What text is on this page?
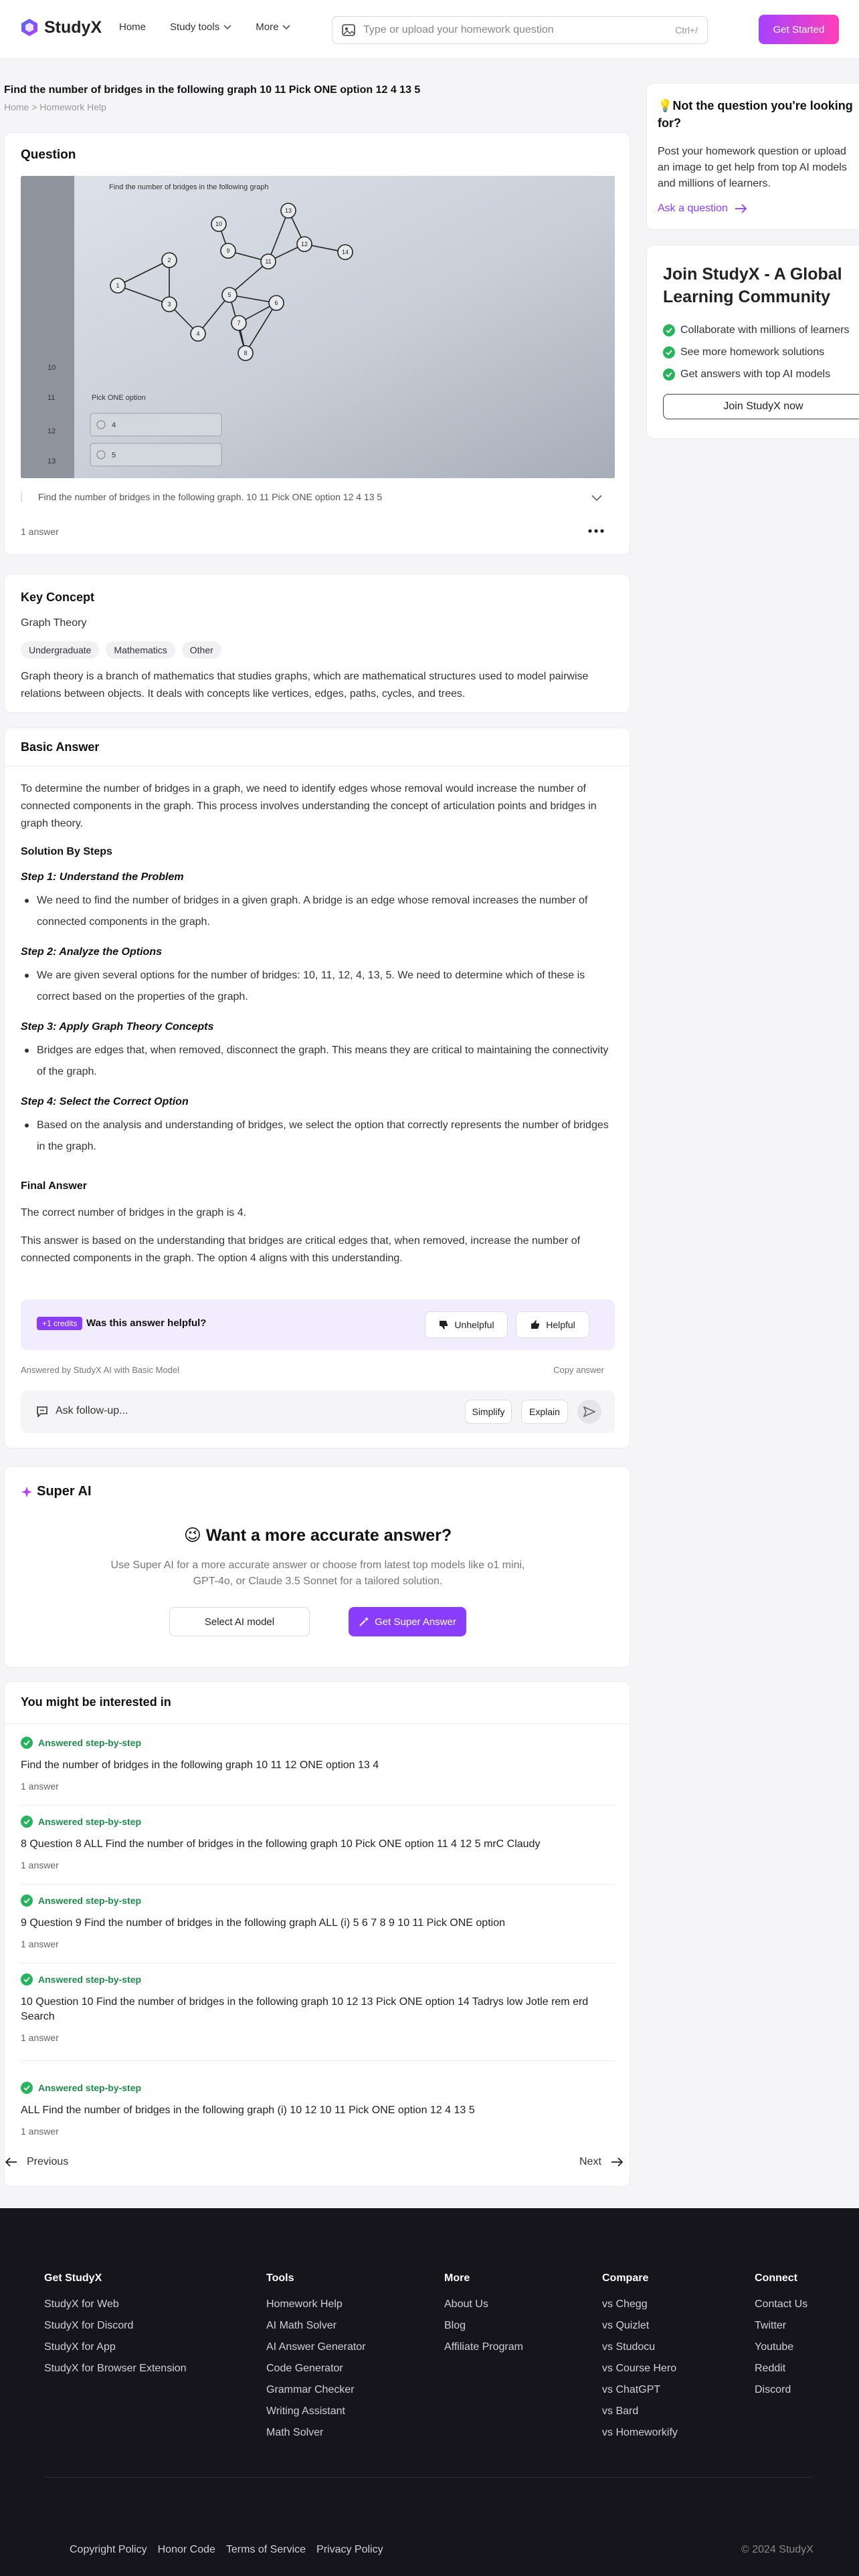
StudyX Home Study tools	More	Type or upload your homework question	Ctrl+/	Get Started
Find the number of bridges in the following graph 10 11 Pick ONE option 12 4 13 5
Home > Homework Help
Question
Find the number of bridges in the following graph
10
11
12
13
Pick ONE option
1
2
3
4
5
6
7
8
9
10
11
12
13
14
4
5
Find the number of bridges in the following graph. 10 11 Pick ONE option 12 4 13 5
1 answer
Key Concept
Graph Theory
Undergraduate	Mathematics	Other

Graph theory is a branch of mathematics that studies graphs, which are mathematical structures used to model pairwise relations between objects. It deals with concepts like vertices, edges, paths, cycles, and trees.

Basic Answer

To determine the number of bridges in a graph, we need to identify edges whose removal would increase the number of connected components in the graph. This process involves understanding the concept of articulation points and bridges in graph theory.

Solution By Steps
Step 1: Understand the Problem
We need to find the number of bridges in a given graph. A bridge is an edge whose removal increases the number of connected components in the graph.
Step 2: Analyze the Options
We are given several options for the number of bridges: 10, 11, 12, 4, 13, 5. We need to determine which of these is correct based on the properties of the graph.
Step 3: Apply Graph Theory Concepts
Bridges are edges that, when removed, disconnect the graph. This means they are critical to maintaining the connectivity of the graph.
Step 4: Select the Correct Option
Based on the analysis and understanding of bridges, we select the option that correctly represents the number of bridges in the graph.
Final Answer

The correct number of bridges in the graph is 4.

This answer is based on the understanding that bridges are critical edges that, when removed, increase the number of connected components in the graph. The option 4 aligns with this understanding.

+1 credits Was this answer helpful?	Unhelpful	Helpful
Answered by StudyX AI with Basic Model	Copy answer
Ask follow-up...	Simplify	Explain
Super AI
😉 Want a more accurate answer?

Use Super AI for a more accurate answer or choose from latest top models like o1 mini, GPT-4o, or Claude 3.5 Sonnet for a tailored solution.

Select AI model	Get Super Answer
You might be interested in
Answered step-by-step
Find the number of bridges in the following graph 10 11 12 ONE option 13 4
1 answer
Answered step-by-step
8 Question 8 ALL Find the number of bridges in the following graph 10 Pick ONE option 11 4 12 5 mrC Claudy
1 answer
Answered step-by-step
9 Question 9 Find the number of bridges in the following graph ALL (i) 5 6 7 8 9 10 11 Pick ONE option
1 answer
Answered step-by-step
10 Question 10 Find the number of bridges in the following graph 10 12 13 Pick ONE option 14 Tadrys low Jotle rem erd Search
1 answer
Answered step-by-step
ALL Find the number of bridges in the following graph (i) 10 12 10 11 Pick ONE option 12 4 13 5
1 answer
Previous	Next
💡Not the question you're looking for?

Post your homework question or upload an image to get help from top AI models and millions of learners.

Ask a question
Join StudyX - A Global Learning Community
Collaborate with millions of learners
See more homework solutions
Get answers with top AI models
Join StudyX now
Get StudyX
StudyX for Web
StudyX for Discord
StudyX for App
StudyX for Browser Extension
Tools
Homework Help
AI Math Solver
AI Answer Generator
Code Generator
Grammar Checker
Writing Assistant
Math Solver
More
About Us
Blog
Affiliate Program
Compare
vs Chegg
vs Quizlet
vs Studocu
vs Course Hero
vs ChatGPT
vs Bard
vs Homeworkify
Connect
Contact Us
Twitter
Youtube
Reddit
Discord
Copyright Policy Honor Code Terms of Service Privacy Policy	© 2024 StudyX
